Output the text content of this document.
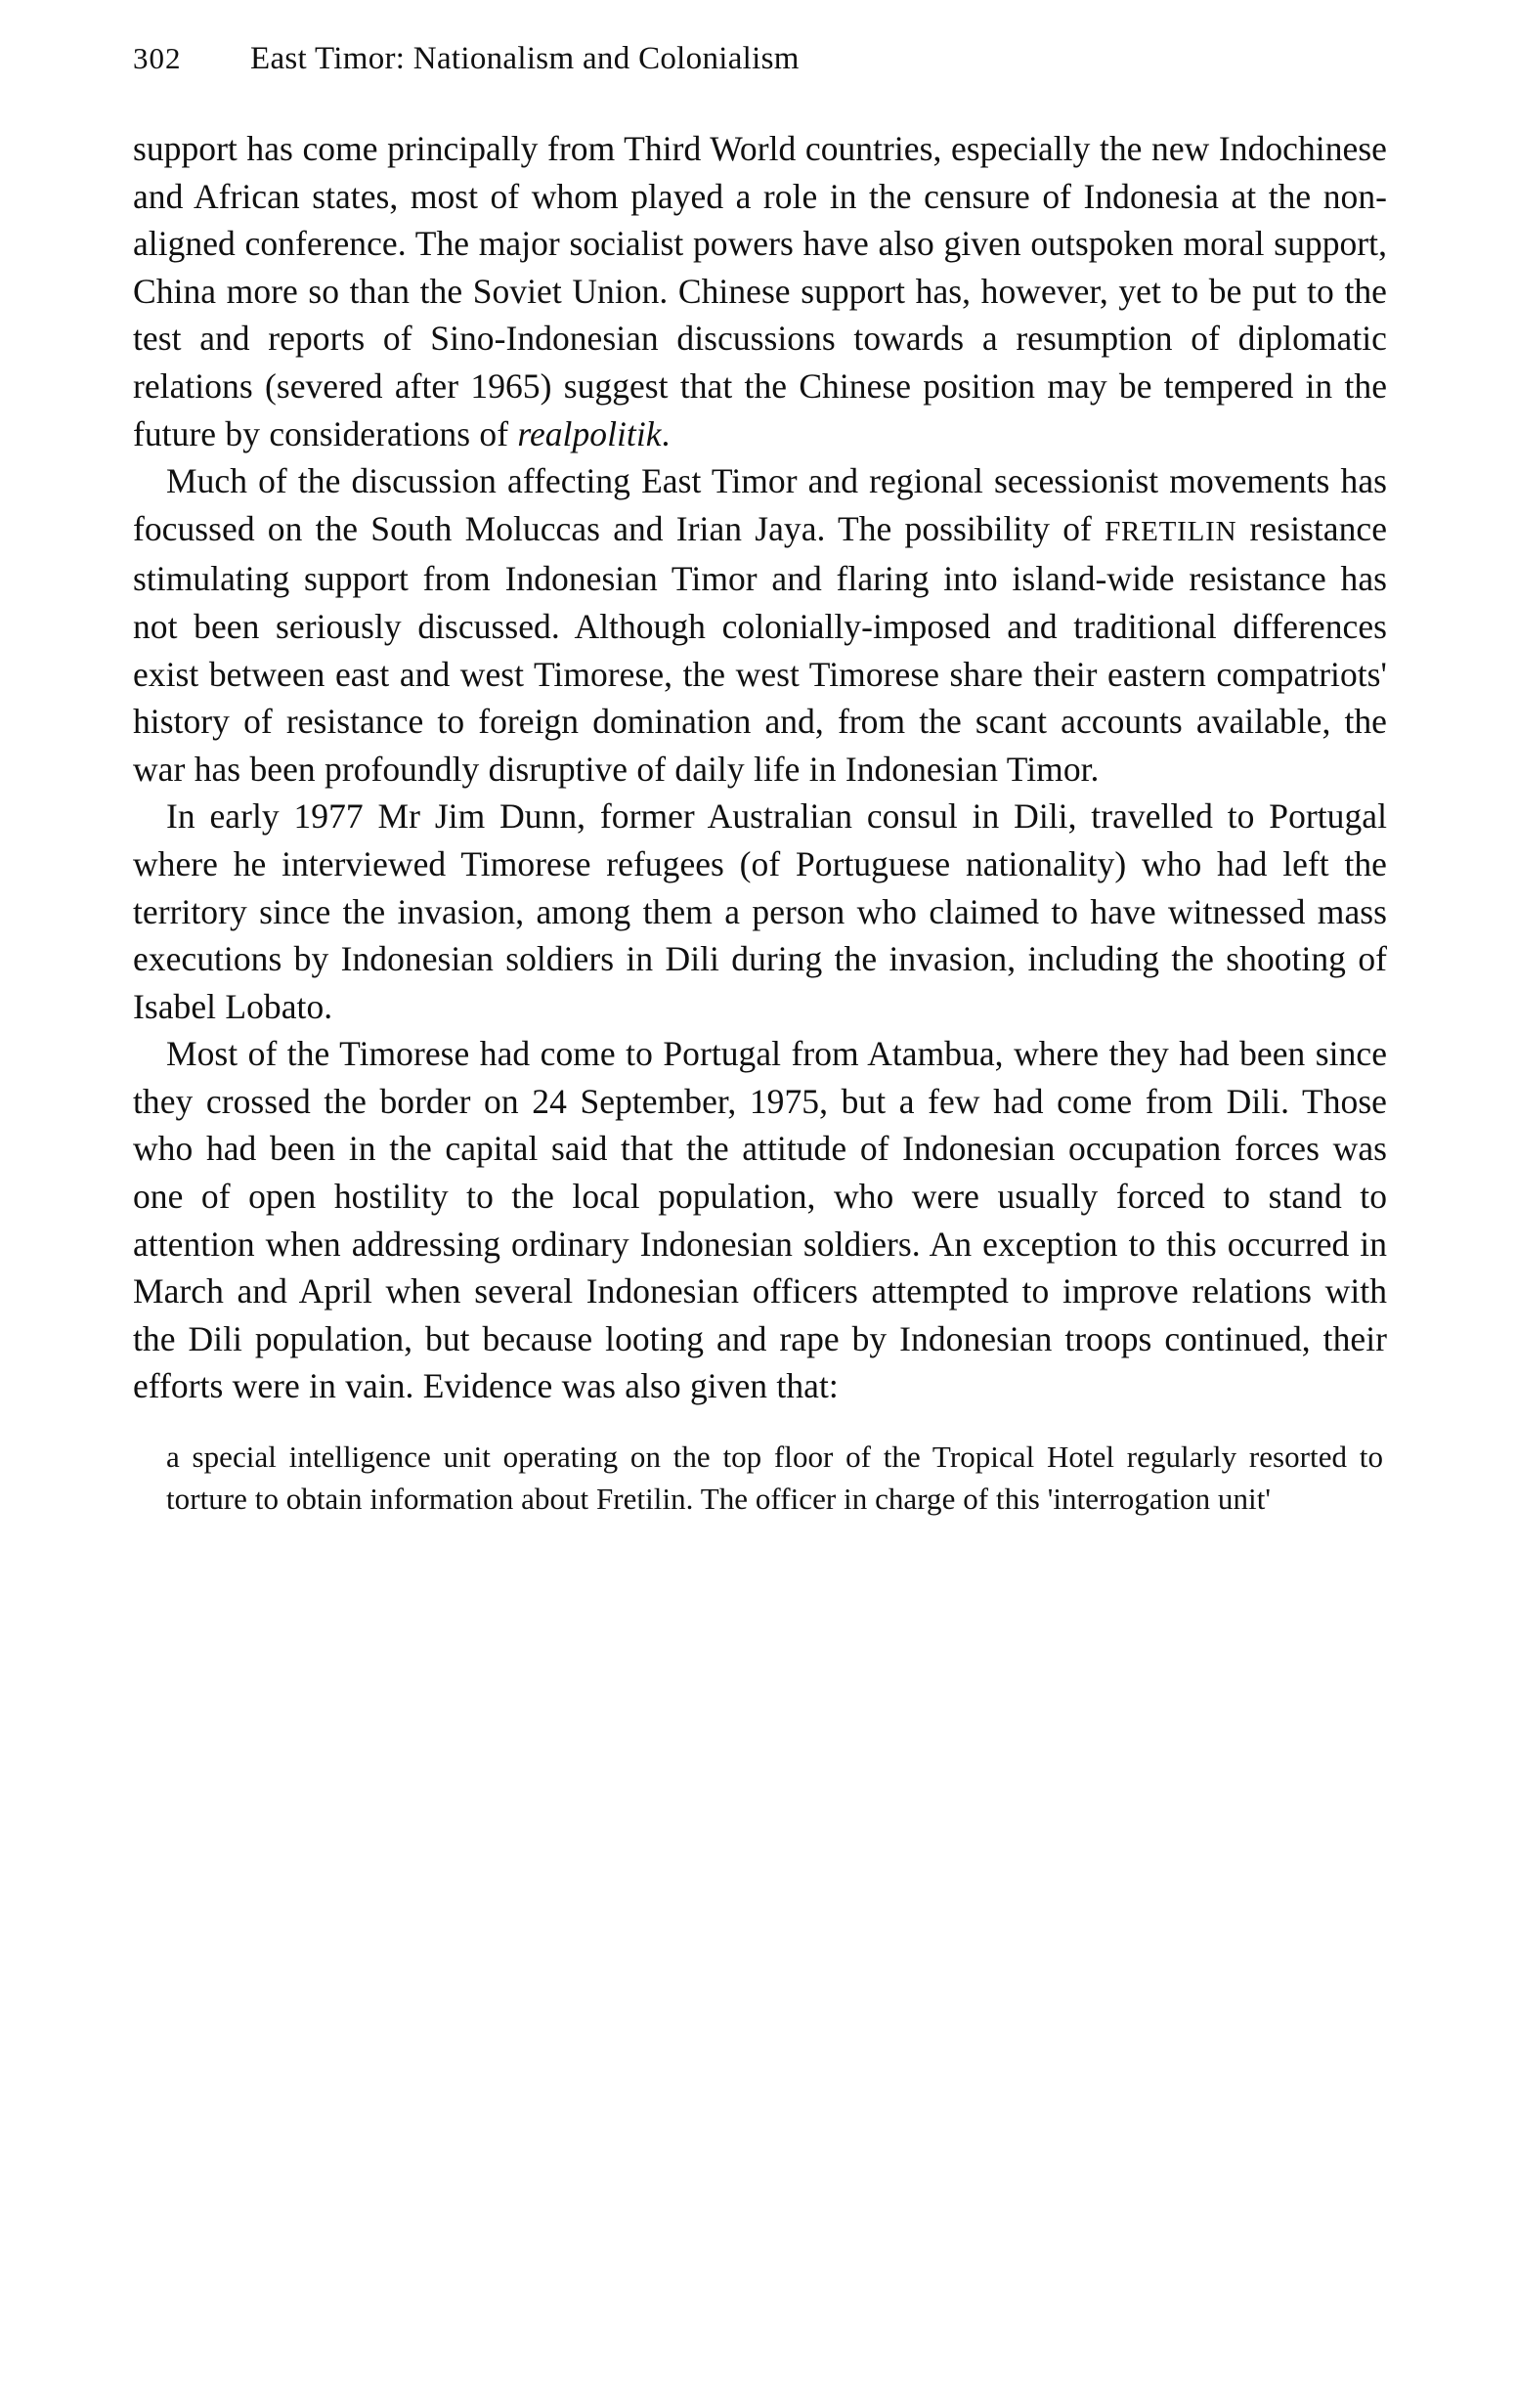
302	East Timor: Nationalism and Colonialism

support has come principally from Third World countries, especially the new Indochinese and African states, most of whom played a role in the censure of Indonesia at the non-aligned conference. The major socialist powers have also given outspoken moral support, China more so than the Soviet Union. Chinese support has, however, yet to be put to the test and reports of Sino-Indonesian discussions towards a resumption of diplomatic relations (severed after 1965) suggest that the Chinese position may be tempered in the future by considerations of realpolitik.

Much of the discussion affecting East Timor and regional secessionist movements has focussed on the South Moluccas and Irian Jaya. The possibility of FRETILIN resistance stimulating support from Indonesian Timor and flaring into island-wide resistance has not been seriously discussed. Although colonially-imposed and traditional differences exist between east and west Timorese, the west Timorese share their eastern compatriots' history of resistance to foreign domination and, from the scant accounts available, the war has been profoundly disruptive of daily life in Indonesian Timor.

In early 1977 Mr Jim Dunn, former Australian consul in Dili, travelled to Portugal where he interviewed Timorese refugees (of Portuguese nationality) who had left the territory since the invasion, among them a person who claimed to have witnessed mass executions by Indonesian soldiers in Dili during the invasion, including the shooting of Isabel Lobato.

Most of the Timorese had come to Portugal from Atambua, where they had been since they crossed the border on 24 September, 1975, but a few had come from Dili. Those who had been in the capital said that the attitude of Indonesian occupation forces was one of open hostility to the local population, who were usually forced to stand to attention when addressing ordinary Indonesian soldiers. An exception to this occurred in March and April when several Indonesian officers attempted to improve relations with the Dili population, but because looting and rape by Indonesian troops continued, their efforts were in vain. Evidence was also given that:

a special intelligence unit operating on the top floor of the Tropical Hotel regularly resorted to torture to obtain information about Fretilin. The officer in charge of this 'interrogation unit'
